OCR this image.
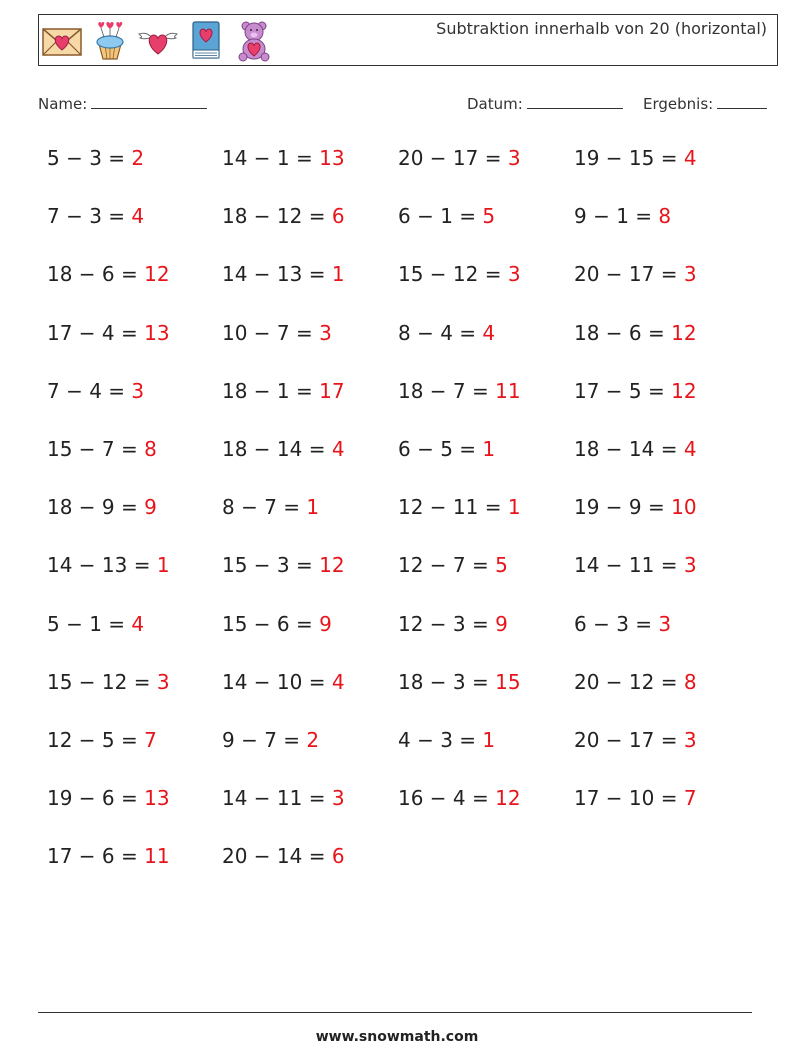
Subtraktion innerhalb von 20 (horizontal)
Name:	Datum:	Ergebnis:
5 − 3 = 2
7 − 3 = 4
18 − 6 = 12
17 − 4 = 13
7 − 4 = 3
15 − 7 = 8
18 − 9 = 9
14 − 13 = 1
5 − 1 = 4
15 − 12 = 3
12 − 5 = 7
19 − 6 = 13
17 − 6 = 11
14 − 1 = 13
18 − 12 = 6
14 − 13 = 1
10 − 7 = 3
18 − 1 = 17
18 − 14 = 4
8 − 7 = 1
15 − 3 = 12
15 − 6 = 9
14 − 10 = 4
9 − 7 = 2
14 − 11 = 3
20 − 14 = 6
20 − 17 = 3
6 − 1 = 5
15 − 12 = 3
8 − 4 = 4
18 − 7 = 11
6 − 5 = 1
12 − 11 = 1
12 − 7 = 5
12 − 3 = 9
18 − 3 = 15
4 − 3 = 1
16 − 4 = 12
19 − 15 = 4
9 − 1 = 8
20 − 17 = 3
18 − 6 = 12
17 − 5 = 12
18 − 14 = 4
19 − 9 = 10
14 − 11 = 3
6 − 3 = 3
20 − 12 = 8
20 − 17 = 3
17 − 10 = 7
www.snowmath.com
